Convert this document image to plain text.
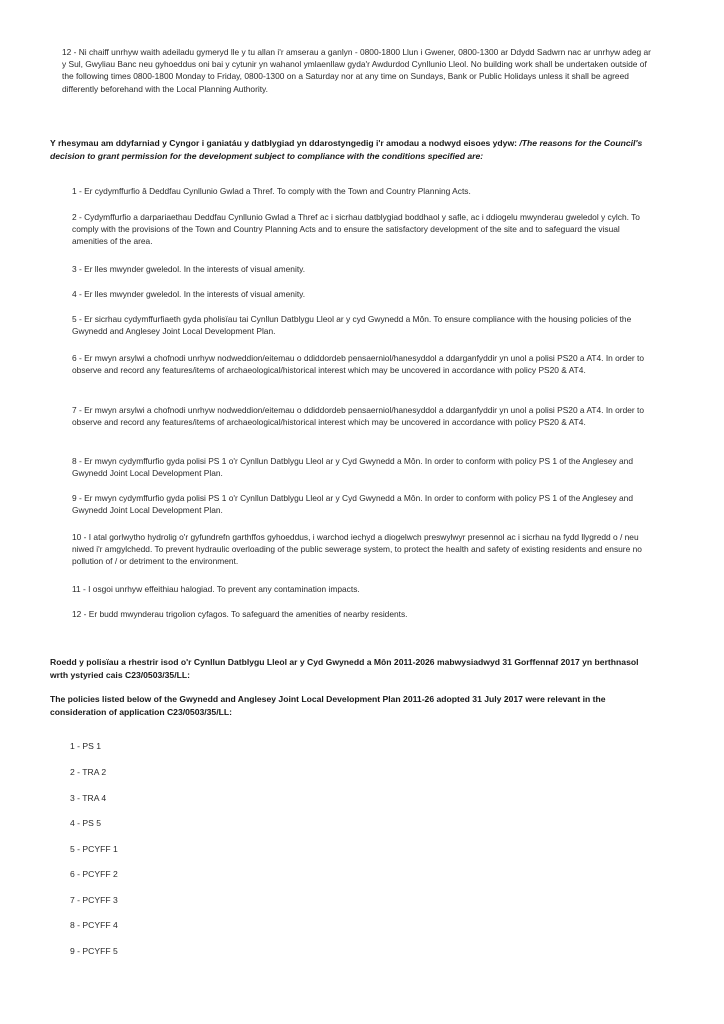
12 - Ni chaiff unrhyw waith adeiladu gymeryd lle y tu allan i'r amserau a ganlyn - 0800-1800 Llun i Gwener, 0800-1300 ar Ddydd Sadwrn nac ar unrhyw adeg ar y Sul, Gwyliau Banc neu gyhoeddus oni bai y cytunir yn wahanol ymlaenllaw gyda'r Awdurdod Cynllunio Lleol. No building work shall be undertaken outside of the following times 0800-1800 Monday to Friday, 0800-1300 on a Saturday nor at any time on Sundays, Bank or Public Holidays unless it shall be agreed differently beforehand with the Local Planning Authority.

Y rhesymau am ddyfarniad y Cyngor i ganiatáu y datblygiad yn ddarostyngedig i'r amodau a nodwyd eisoes ydyw: /The reasons for the Council's decision to grant permission for the development subject to compliance with the conditions specified are:

1 - Er cydymffurfio â Deddfau Cynllunio Gwlad a Thref. To comply with the Town and Country Planning Acts.

2 - Cydymffurfio a darpariaethau Deddfau Cynllunio Gwlad a Thref ac i sicrhau datblygiad boddhaol y safle, ac i ddiogelu mwynderau gweledol y cylch. To comply with the provisions of the Town and Country Planning Acts and to ensure the satisfactory development of the site and to safeguard the visual amenities of the area.

3 - Er lles mwynder gweledol. In the interests of visual amenity.

4 - Er lles mwynder gweledol. In the interests of visual amenity.

5 - Er sicrhau cydymffurfiaeth gyda pholisïau tai Cynllun Datblygu Lleol ar y cyd Gwynedd a Môn. To ensure compliance with the housing policies of the Gwynedd and Anglesey Joint Local Development Plan.

6 - Er mwyn arsylwi a chofnodi unrhyw nodweddion/eitemau o ddiddordeb pensaerniol/hanesyddol a ddarganfyddir yn unol a polisi PS20 a AT4. In order to observe and record any features/items of archaeological/historical interest which may be uncovered in accordance with policy PS20 & AT4.

7 - Er mwyn arsylwi a chofnodi unrhyw nodweddion/eitemau o ddiddordeb pensaerniol/hanesyddol a ddarganfyddir yn unol a polisi PS20 a AT4. In order to observe and record any features/items of archaeological/historical interest which may be uncovered in accordance with policy PS20 & AT4.

8 - Er mwyn cydymffurfio gyda polisi PS 1 o'r Cynllun Datblygu Lleol ar y Cyd Gwynedd a Môn. In order to conform with policy PS 1 of the Anglesey and Gwynedd Joint Local Development Plan.

9 - Er mwyn cydymffurfio gyda polisi PS 1 o'r Cynllun Datblygu Lleol ar y Cyd Gwynedd a Môn. In order to conform with policy PS 1 of the Anglesey and Gwynedd Joint Local Development Plan.

10 - I atal gorlwytho hydrolig o'r gyfundrefn garthffos gyhoeddus, i warchod iechyd a diogelwch preswylwyr presennol ac i sicrhau na fydd llygredd o / neu niwed i'r amgylchedd. To prevent hydraulic overloading of the public sewerage system, to protect the health and safety of existing residents and ensure no pollution of / or detriment to the environment.

11 - I osgoi unrhyw effeithiau halogiad. To prevent any contamination impacts.

12 - Er budd mwynderau trigolion cyfagos. To safeguard the amenities of nearby residents.

Roedd y polisïau a rhestrir isod o'r Cynllun Datblygu Lleol ar y Cyd Gwynedd a Môn 2011-2026 mabwysiadwyd 31 Gorffennaf 2017 yn berthnasol wrth ystyried cais C23/0503/35/LL:

The policies listed below of the Gwynedd and Anglesey Joint Local Development Plan 2011-26 adopted 31 July 2017 were relevant in the consideration of application C23/0503/35/LL:

1 - PS 1
2 - TRA 2
3 - TRA 4
4 - PS 5
5 - PCYFF 1
6 - PCYFF 2
7 - PCYFF 3
8 - PCYFF 4
9 - PCYFF 5
